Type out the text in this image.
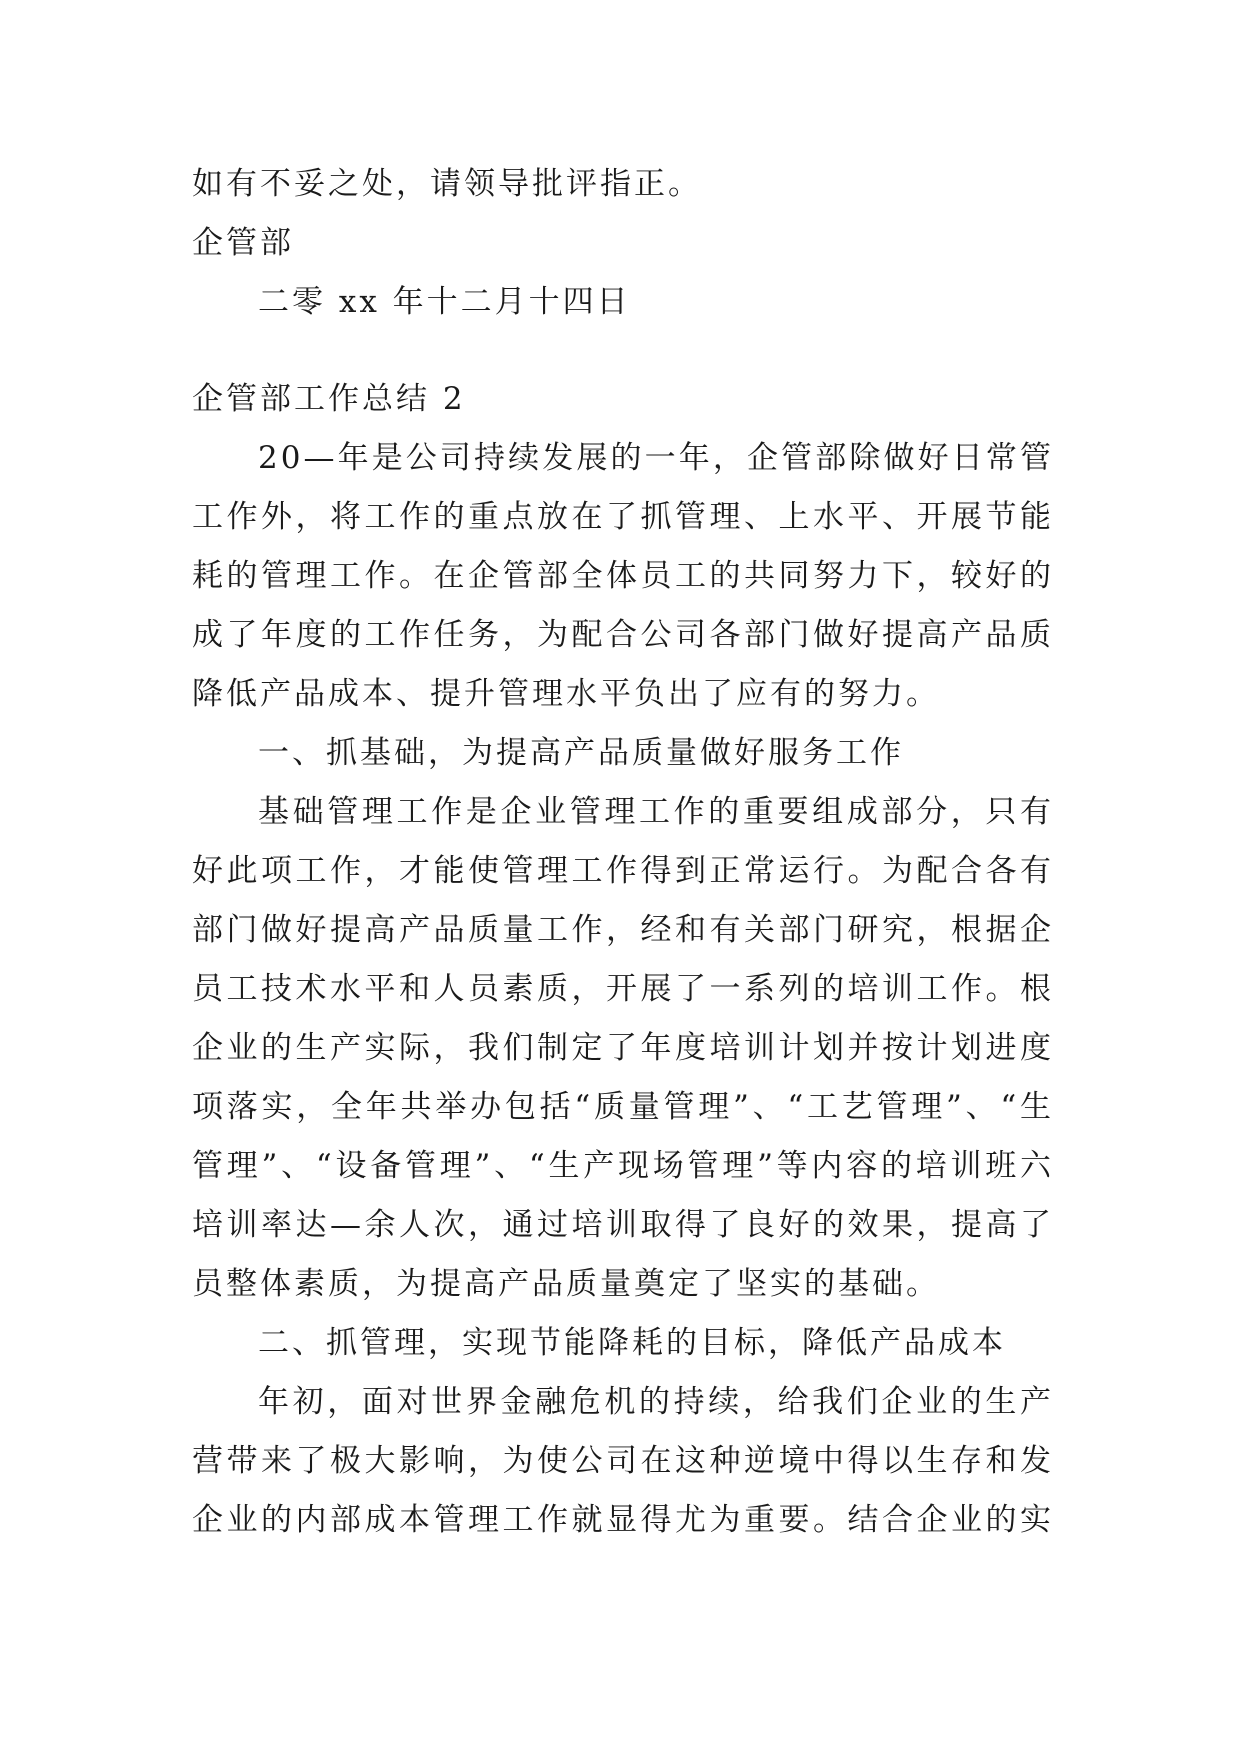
如有不妥之处，请领导批评指正。
企管部
二零 xx 年十二月十四日
企管部工作总结 2
20—年是公司持续发展的一年，企管部除做好日常管
工作外，将工作的重点放在了抓管理、上水平、开展节能
耗的管理工作。在企管部全体员工的共同努力下，较好的
成了年度的工作任务，为配合公司各部门做好提高产品质
降低产品成本、提升管理水平负出了应有的努力。
一、抓基础，为提高产品质量做好服务工作
基础管理工作是企业管理工作的重要组成部分，只有
好此项工作，才能使管理工作得到正常运行。为配合各有
部门做好提高产品质量工作，经和有关部门研究，根据企
员工技术水平和人员素质，开展了一系列的培训工作。根
企业的生产实际，我们制定了年度培训计划并按计划进度
项落实，全年共举办包括“质量管理”、“工艺管理”、“生
管理”、“设备管理”、“生产现场管理”等内容的培训班六
培训率达—余人次，通过培训取得了良好的效果，提高了
员整体素质，为提高产品质量奠定了坚实的基础。
二、抓管理，实现节能降耗的目标，降低产品成本
年初，面对世界金融危机的持续，给我们企业的生产
营带来了极大影响，为使公司在这种逆境中得以生存和发
企业的内部成本管理工作就显得尤为重要。结合企业的实
